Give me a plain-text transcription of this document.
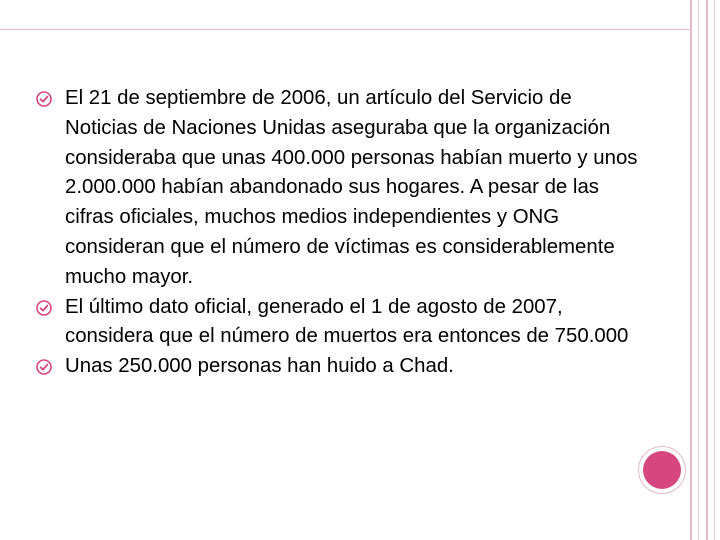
El 21 de septiembre de 2006, un artículo del Servicio de Noticias de Naciones Unidas aseguraba que la organización consideraba que unas 400.000 personas habían muerto y unos 2.000.000 habían abandonado sus hogares. A pesar de las cifras oficiales, muchos medios independientes y ONG consideran que el número de víctimas es considerablemente mucho mayor.
El último dato oficial, generado el 1 de agosto de 2007, considera que el número de muertos era entonces de 750.000
Unas 250.000 personas han huido a Chad.
